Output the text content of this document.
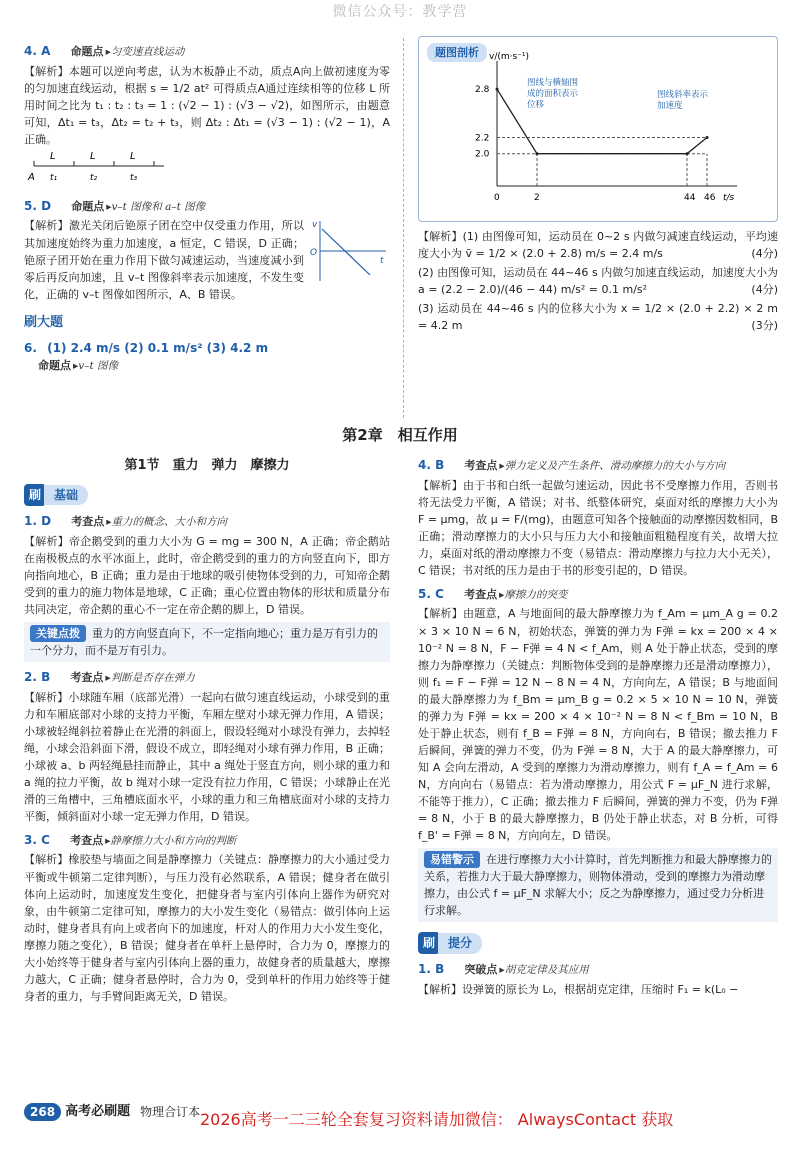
微信公众号：教学营
4. A 命题点 ▸匀变速直线运动
【解析】本题可以逆向考虑，认为木板静止不动，质点A向上做初速度为零的匀加速直线运动，根据 s = 1/2 at² 可得质点A通过连续相等的位移 L 所用时间之比为 t₁ : t₂ : t₃ = 1 : (√2 − 1) : (√3 − √2)，如图所示，由题意可知，Δt₁ = t₃，Δt₂ = t₂ + t₃，则 Δt₂ : Δt₁ = (√3 − 1) : (√2 − 1)，A 正确。
L	L	L
A t₁	t₂	t₃
5. D 命题点 ▸v–t 图像和 a–t 图像
【解析】激光关闭后铯原子团在空中仅受重力作用，所以其加速度始终为重力加速度，a 恒定，C 错误，D 正确；铯原子团开始在重力作用下做匀减速运动，当速度减小到零后再反向加速，且 v–t 图像斜率表示加速度，不发生变化，正确的 v–t 图像如图所示，A、B 错误。
v
O
t
刷大题
6. (1) 2.4 m/s (2) 0.1 m/s² (3) 4.2 m
命题点 ▸v–t 图像
题图剖析 v/(m·s⁻¹)
t/s
2.8
2.2
2.0
0	2	44 46
图线与横轴围
成的面积表示
位移
图线斜率表示
加速度
【解析】(1) 由图像可知，运动员在 0~2 s 内做匀减速直线运动，平均速度大小为 v̄ = 1/2 × (2.0 + 2.8) m/s = 2.4 m/s	(4分)
(2) 由图像可知，运动员在 44~46 s 内做匀加速直线运动，加速度大小为 a = (2.2 − 2.0)/(46 − 44) m/s² = 0.1 m/s²	(4分)
(3) 运动员在 44~46 s 内的位移大小为 x = 1/2 × (2.0 + 2.2) × 2 m = 4.2 m	(3分)
第2章　相互作用
第1节　重力　弹力　摩擦力
刷	基础
1. D 考查点 ▸重力的概念、大小和方向
【解析】帝企鹅受到的重力大小为 G = mg = 300 N，A 正确；帝企鹅站在南极极点的水平冰面上，此时，帝企鹅受到的重力的方向竖直向下，即方向指向地心，B 正确；重力是由于地球的吸引使物体受到的力，可知帝企鹅受到的重力的施力物体是地球，C 正确；重心位置由物体的形状和质量分布共同决定，帝企鹅的重心不一定在帝企鹅的脚上，D 错误。
关键点拨 重力的方向竖直向下，不一定指向地心；重力是万有引力的一个分力，而不是万有引力。
2. B 考查点 ▸判断是否存在弹力
【解析】小球随车厢（底部光滑）一起向右做匀速直线运动，小球受到的重力和车厢底部对小球的支持力平衡，车厢左壁对小球无弹力作用，A 错误；小球被轻绳斜拉着静止在光滑的斜面上，假设轻绳对小球没有弹力，去掉轻绳，小球会沿斜面下滑，假设不成立，即轻绳对小球有弹力作用，B 正确；小球被 a、b 两轻绳悬挂而静止，其中 a 绳处于竖直方向，则小球的重力和 a 绳的拉力平衡，故 b 绳对小球一定没有拉力作用，C 错误；小球静止在光滑的三角槽中，三角槽底面水平，小球的重力和三角槽底面对小球的支持力平衡，倾斜面对小球一定无弹力作用，D 错误。
3. C 考查点 ▸静摩擦力大小和方向的判断
【解析】橡胶垫与墙面之间是静摩擦力（关键点：静摩擦力的大小通过受力平衡或牛顿第二定律判断），与压力没有必然联系，A 错误；健身者在做引体向上运动时，加速度发生变化，把健身者与室内引体向上器作为研究对象，由牛顿第二定律可知，摩擦力的大小发生变化（易错点：做引体向上运动时，健身者具有向上或者向下的加速度，杆对人的作用力大小发生变化，摩擦力随之变化），B 错误；健身者在单杆上悬停时，合力为 0，摩擦力的大小始终等于健身者与室内引体向上器的重力，故健身者的质量越大，摩擦力越大，C 正确；健身者悬停时，合力为 0，受到单杆的作用力始终等于健身者的重力，与手臂间距离无关，D 错误。
4. B 考查点 ▸弹力定义及产生条件、滑动摩擦力的大小与方向
【解析】由于书和白纸一起做匀速运动，因此书不受摩擦力作用，否则书将无法受力平衡，A 错误；对书、纸整体研究，桌面对纸的摩擦力大小为 F = μmg，故 μ = F/(mg)，由题意可知各个接触面的动摩擦因数相同，B 正确；滑动摩擦力的大小只与压力大小和接触面粗糙程度有关，故增大拉力，桌面对纸的滑动摩擦力不变（易错点：滑动摩擦力与拉力大小无关），C 错误；书对纸的压力是由于书的形变引起的，D 错误。
5. C 考查点 ▸摩擦力的突变
【解析】由题意，A 与地面间的最大静摩擦力为 f_Am = μm_A g = 0.2 × 3 × 10 N = 6 N，初始状态，弹簧的弹力为 F弹 = kx = 200 × 4 × 10⁻² N = 8 N，F − F弹 = 4 N < f_Am，则 A 处于静止状态，受到的摩擦力为静摩擦力（关键点：判断物体受到的是静摩擦力还是滑动摩擦力），则 f₁ = F − F弹 = 12 N − 8 N = 4 N，方向向左，A 错误；B 与地面间的最大静摩擦力为 f_Bm = μm_B g = 0.2 × 5 × 10 N = 10 N，弹簧的弹力为 F弹 = kx = 200 × 4 × 10⁻² N = 8 N < f_Bm = 10 N，B 处于静止状态，则有 f_B = F弹 = 8 N，方向向右，B 错误；撤去推力 F 后瞬间，弹簧的弹力不变，仍为 F弹 = 8 N，大于 A 的最大静摩擦力，可知 A 会向左滑动，A 受到的摩擦力为滑动摩擦力，则有 f_A = f_Am = 6 N，方向向右（易错点：若为滑动摩擦力，用公式 F = μF_N 进行求解，不能等于推力），C 正确；撤去推力 F 后瞬间，弹簧的弹力不变，仍为 F弹 = 8 N，小于 B 的最大静摩擦力，B 仍处于静止状态，对 B 分析，可得 f_B' = F弹 = 8 N，方向向左，D 错误。
易错警示 在进行摩擦力大小计算时，首先判断推力和最大静摩擦力的关系，若推力大于最大静摩擦力，则物体滑动，受到的摩擦力为滑动摩擦力，由公式 f = μF_N 求解大小；反之为静摩擦力，通过受力分析进行求解。
刷	提分
1. B 突破点 ▸胡克定律及其应用
【解析】设弹簧的原长为 L₀，根据胡克定律，压缩时 F₁ = k(L₀ −
268 高考必刷题 物理合订本 2026高考一二三轮全套复习资料请加微信： AlwaysContact 获取
